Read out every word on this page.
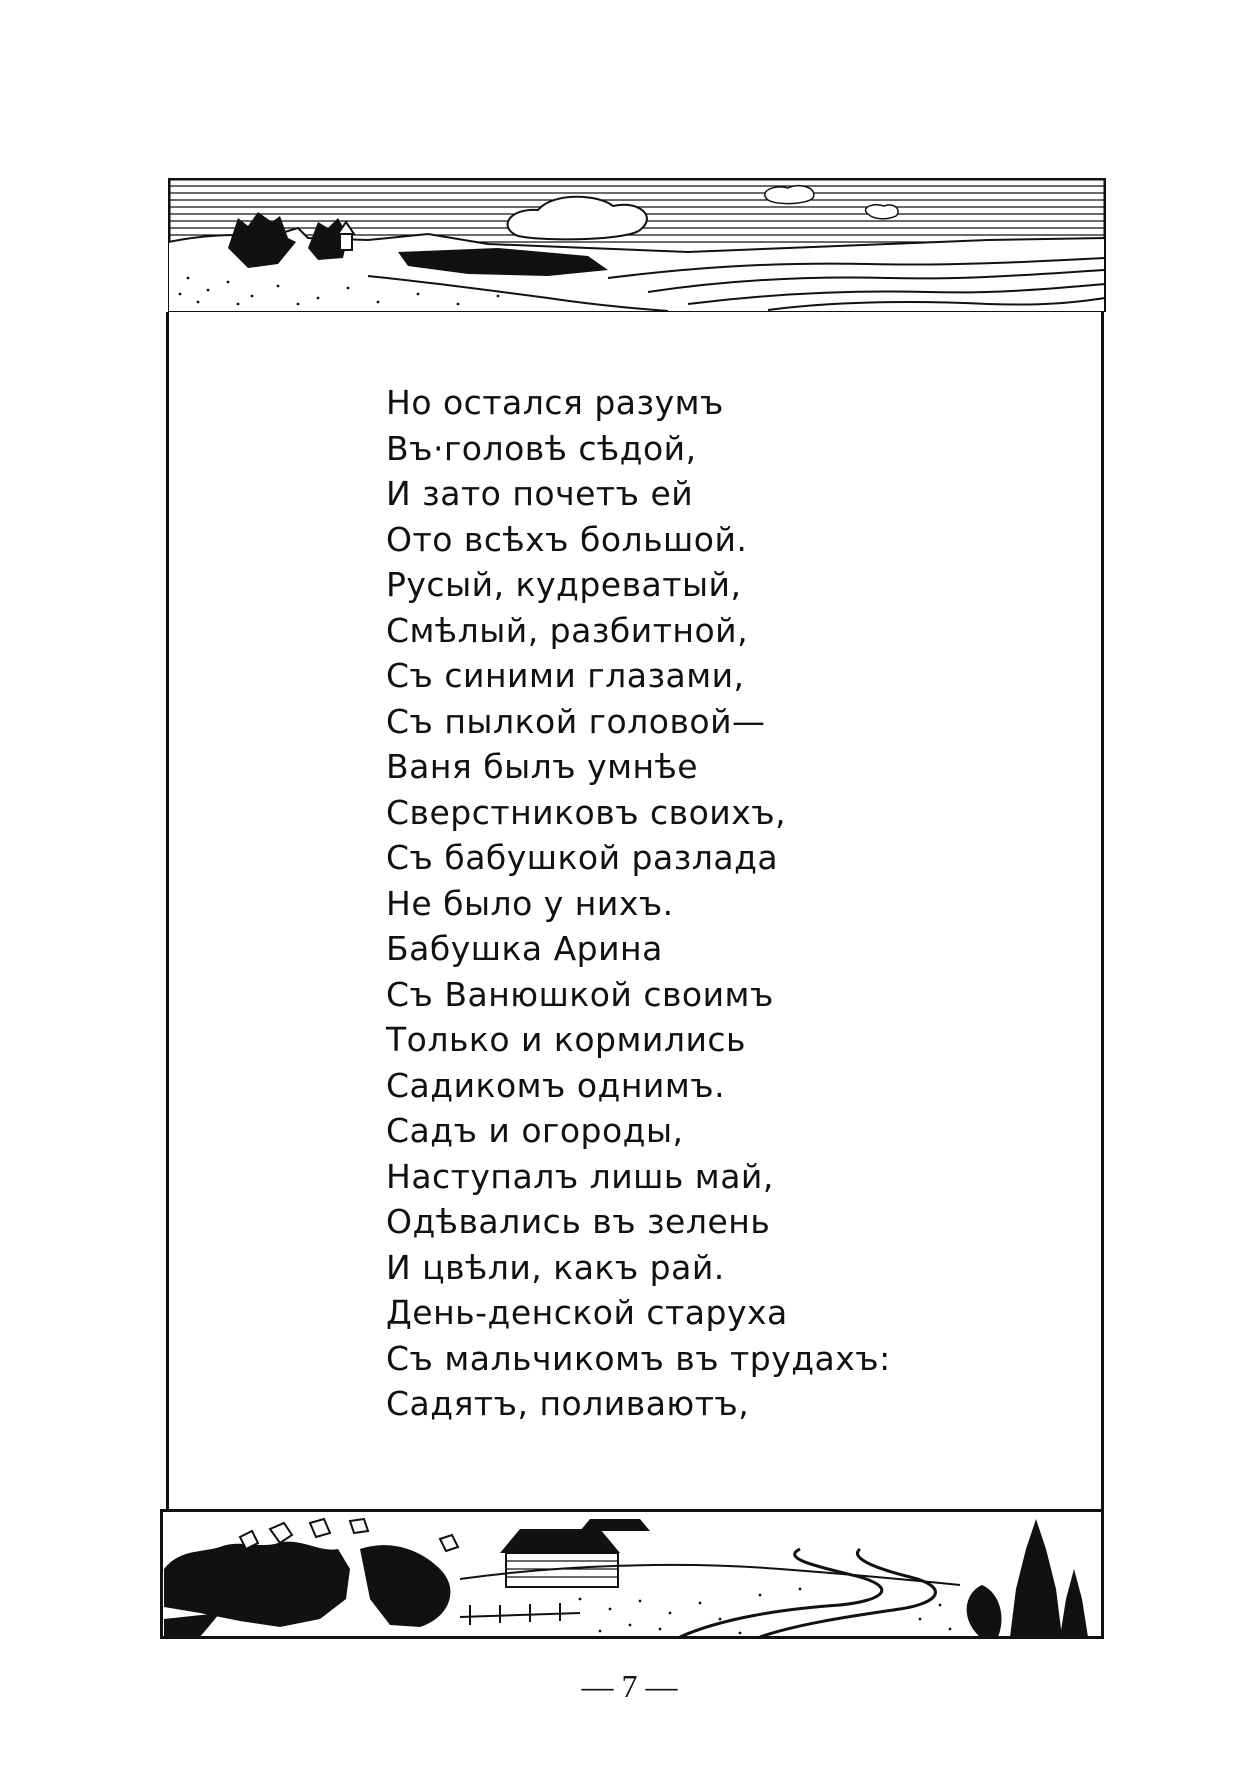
Но остался разумъ
Въ·головѣ сѣдой,
И зато почетъ ей
Ото всѣхъ большой.
Русый, кудреватый,
Смѣлый, разбитной,
Съ синими глазами,
Съ пылкой головой—
Ваня былъ умнѣе
Сверстниковъ своихъ,
Съ бабушкой разлада
Не было у нихъ.
Бабушка Арина
Съ Ванюшкой своимъ
Только и кормились
Садикомъ однимъ.
Садъ и огороды,
Наступалъ лишь май,
Одѣвались въ зелень
И цвѣли, какъ рай.
День-денской старуха
Съ мальчикомъ въ трудахъ:
Садятъ, поливаютъ,
— 7 —
